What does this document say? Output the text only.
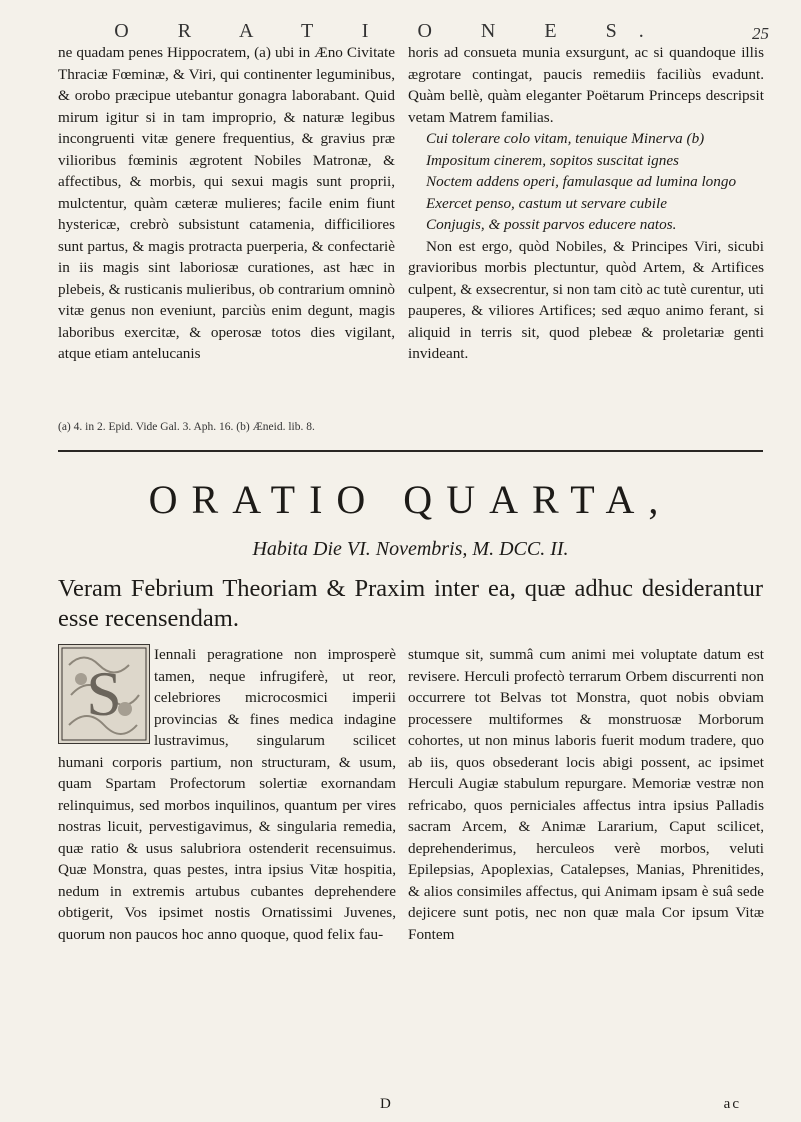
O R A T I O N E S.	25

ne quadam penes Hippocratem, (a) ubi in Æno Civitate Thraciæ Fœminæ, & Viri, qui continenter leguminibus, & orobo præcipue utebantur gonagra laborabant. Quid mirum igitur si in tam improprio, & naturæ legibus incongruenti vitæ genere frequentius, & gravius præ vilioribus fœminis ægrotent Nobiles Matronæ, & affectibus, & morbis, qui sexui magis sunt proprii, mulctentur, quàm cæteræ mulieres; facile enim fiunt hystericæ, crebrò subsistunt catamenia, difficiliores sunt partus, & magis protracta puerperia, & confectariè in iis magis sint laboriosæ curationes, ast hæc in plebeis, & rusticanis mulieribus, ob contrarium omninò vitæ genus non eveniunt, parciùs enim degunt, magis laboribus exercitæ, & operosæ totos dies vigilant, atque etiam antelucanis

horis ad consueta munia exsurgunt, ac si quandoque illis ægrotare contingat, paucis remediis faciliùs evadunt. Quàm bellè, quàm eleganter Poëtarum Princeps descripsit vetam Matrem familias.

Cui tolerare colo vitam, tenuique Minerva (b)
Impositum cinerem, sopitos suscitat ignes
Noctem addens operi, famulasque ad lumina longo
Exercet penso, castum ut servare cubile
Conjugis, & possit parvos educere natos.

Non est ergo, quòd Nobiles, & Principes Viri, sicubi gravioribus morbis plectuntur, quòd Artem, & Artifices culpent, & exsecrentur, si non tam citò ac tutè curentur, uti pauperes, & viliores Artifices; sed æquo animo ferant, si aliquid in terris sit, quod plebeæ & proletariæ genti invideant.

(a) 4. in 2. Epid. Vide Gal. 3. Aph. 16. (b) Æneid. lib. 8.
ORATIO QUARTA,
Habita Die VI. Novembris, M. DCC. II.
Veram Febrium Theoriam & Praxim inter ea, quæ adhuc desiderantur esse recensendam.

Iennali peragratione non improsperè tamen, neque infrugiferè, ut reor, celebriores microcosmici imperii provincias & fines medica indagine lustravimus, singularum scilicet humani corporis partium, non structuram, & usum, quam Spartam Profectorum solertiæ exornandam relinquimus, sed morbos inquilinos, quantum per vires nostras licuit, pervestigavimus, & singularia remedia, quæ ratio & usus salubriora ostenderit recensuimus. Quæ Monstra, quas pestes, intra ipsius Vitæ hospitia, nedum in extremis artubus cubantes deprehendere obtigerit, Vos ipsimet nostis Ornatissimi Juvenes, quorum non paucos hoc anno quoque, quod felix fau-

S

stumque sit, summâ cum animi mei voluptate datum est revisere. Herculi profectò terrarum Orbem discurrenti non occurrere tot Belvas tot Monstra, quot nobis obviam processere multiformes & monstruosæ Morborum cohortes, ut non minus laboris fuerit modum tradere, quo ab iis, quos obsederant locis abigi possent, ac ipsimet Herculi Augiæ stabulum repurgare. Memoriæ vestræ non refricabo, quos perniciales affectus intra ipsius Palladis sacram Arcem, & Animæ Lararium, Caput scilicet, deprehenderimus, herculeos verè morbos, veluti Epilepsias, Apoplexias, Catalepses, Manias, Phrenitides, & alios consimiles affectus, qui Animam ipsam è suâ sede dejicere sunt potis, nec non quæ mala Cor ipsum Vitæ Fontem

D	ac
